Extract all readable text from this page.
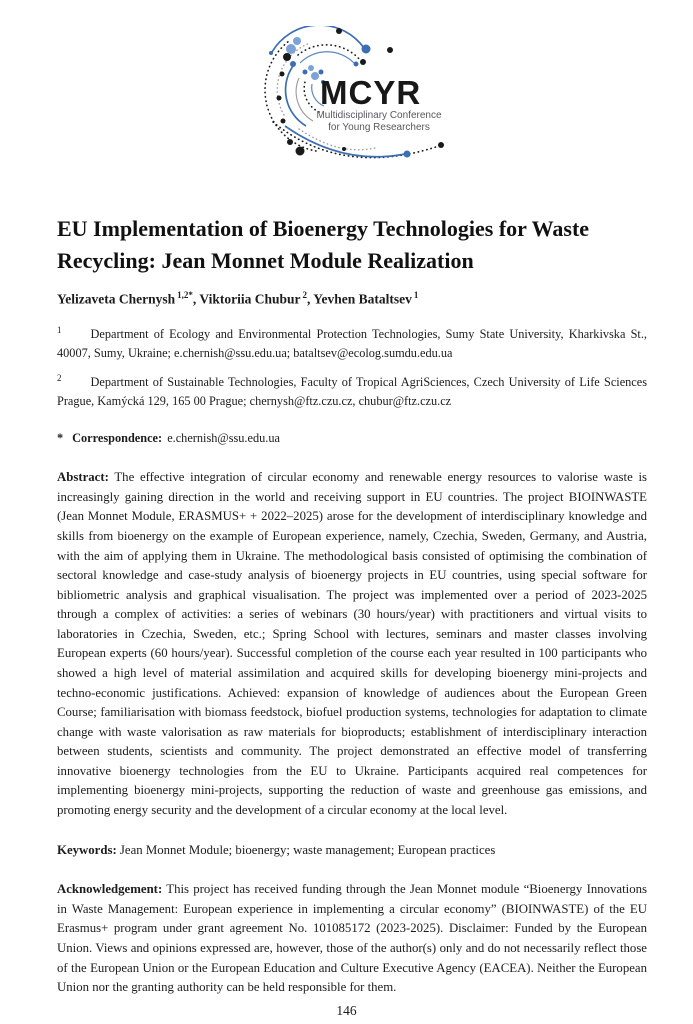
MCYR
Multidisciplinary Conference
for Young Researchers
EU Implementation of Bioenergy Technologies for Waste Recycling: Jean Monnet Module Realization

Yelizaveta Chernysh $^{1,2*}$, Viktoriia Chubur $^2$, Yevhen Bataltsev $^1$

$^1$ Department of Ecology and Environmental Protection Technologies, Sumy State University, Kharkivska St., 40007, Sumy, Ukraine; e.chernish@ssu.edu.ua; bataltsev@ecolog.sumdu.edu.ua

$^2$ Department of Sustainable Technologies, Faculty of Tropical AgriSciences, Czech University of Life Sciences Prague, Kamýcká 129, 165 00 Prague; chernysh@ftz.czu.cz, chubur@ftz.czu.cz

* Correspondence: e.chernish@ssu.edu.ua

Abstract: The effective integration of circular economy and renewable energy resources to valorise waste is increasingly gaining direction in the world and receiving support in EU countries. The project BIOINWASTE (Jean Monnet Module, ERASMUS+ + 2022–2025) arose for the development of interdisciplinary knowledge and skills from bioenergy on the example of European experience, namely, Czechia, Sweden, Germany, and Austria, with the aim of applying them in Ukraine. The methodological basis consisted of optimising the combination of sectoral knowledge and case-study analysis of bioenergy projects in EU countries, using special software for bibliometric analysis and graphical visualisation. The project was implemented over a period of 2023-2025 through a complex of activities: a series of webinars (30 hours/year) with practitioners and virtual visits to laboratories in Czechia, Sweden, etc.; Spring School with lectures, seminars and master classes involving European experts (60 hours/year). Successful completion of the course each year resulted in 100 participants who showed a high level of material assimilation and acquired skills for developing bioenergy mini-projects and techno-economic justifications. Achieved: expansion of knowledge of audiences about the European Green Course; familiarisation with biomass feedstock, biofuel production systems, technologies for adaptation to climate change with waste valorisation as raw materials for bioproducts; establishment of interdisciplinary interaction between students, scientists and community. The project demonstrated an effective model of transferring innovative bioenergy technologies from the EU to Ukraine. Participants acquired real competences for implementing bioenergy mini-projects, supporting the reduction of waste and greenhouse gas emissions, and promoting energy security and the development of a circular economy at the local level.

Keywords: Jean Monnet Module; bioenergy; waste management; European practices

Acknowledgement: This project has received funding through the Jean Monnet module “Bioenergy Innovations in Waste Management: European experience in implementing a circular economy” (BIOINWASTE) of the EU Erasmus+ program under grant agreement No. 101085172 (2023-2025). Disclaimer: Funded by the European Union. Views and opinions expressed are, however, those of the author(s) only and do not necessarily reflect those of the European Union or the European Education and Culture Executive Agency (EACEA). Neither the European Union nor the granting authority can be held responsible for them.

146
